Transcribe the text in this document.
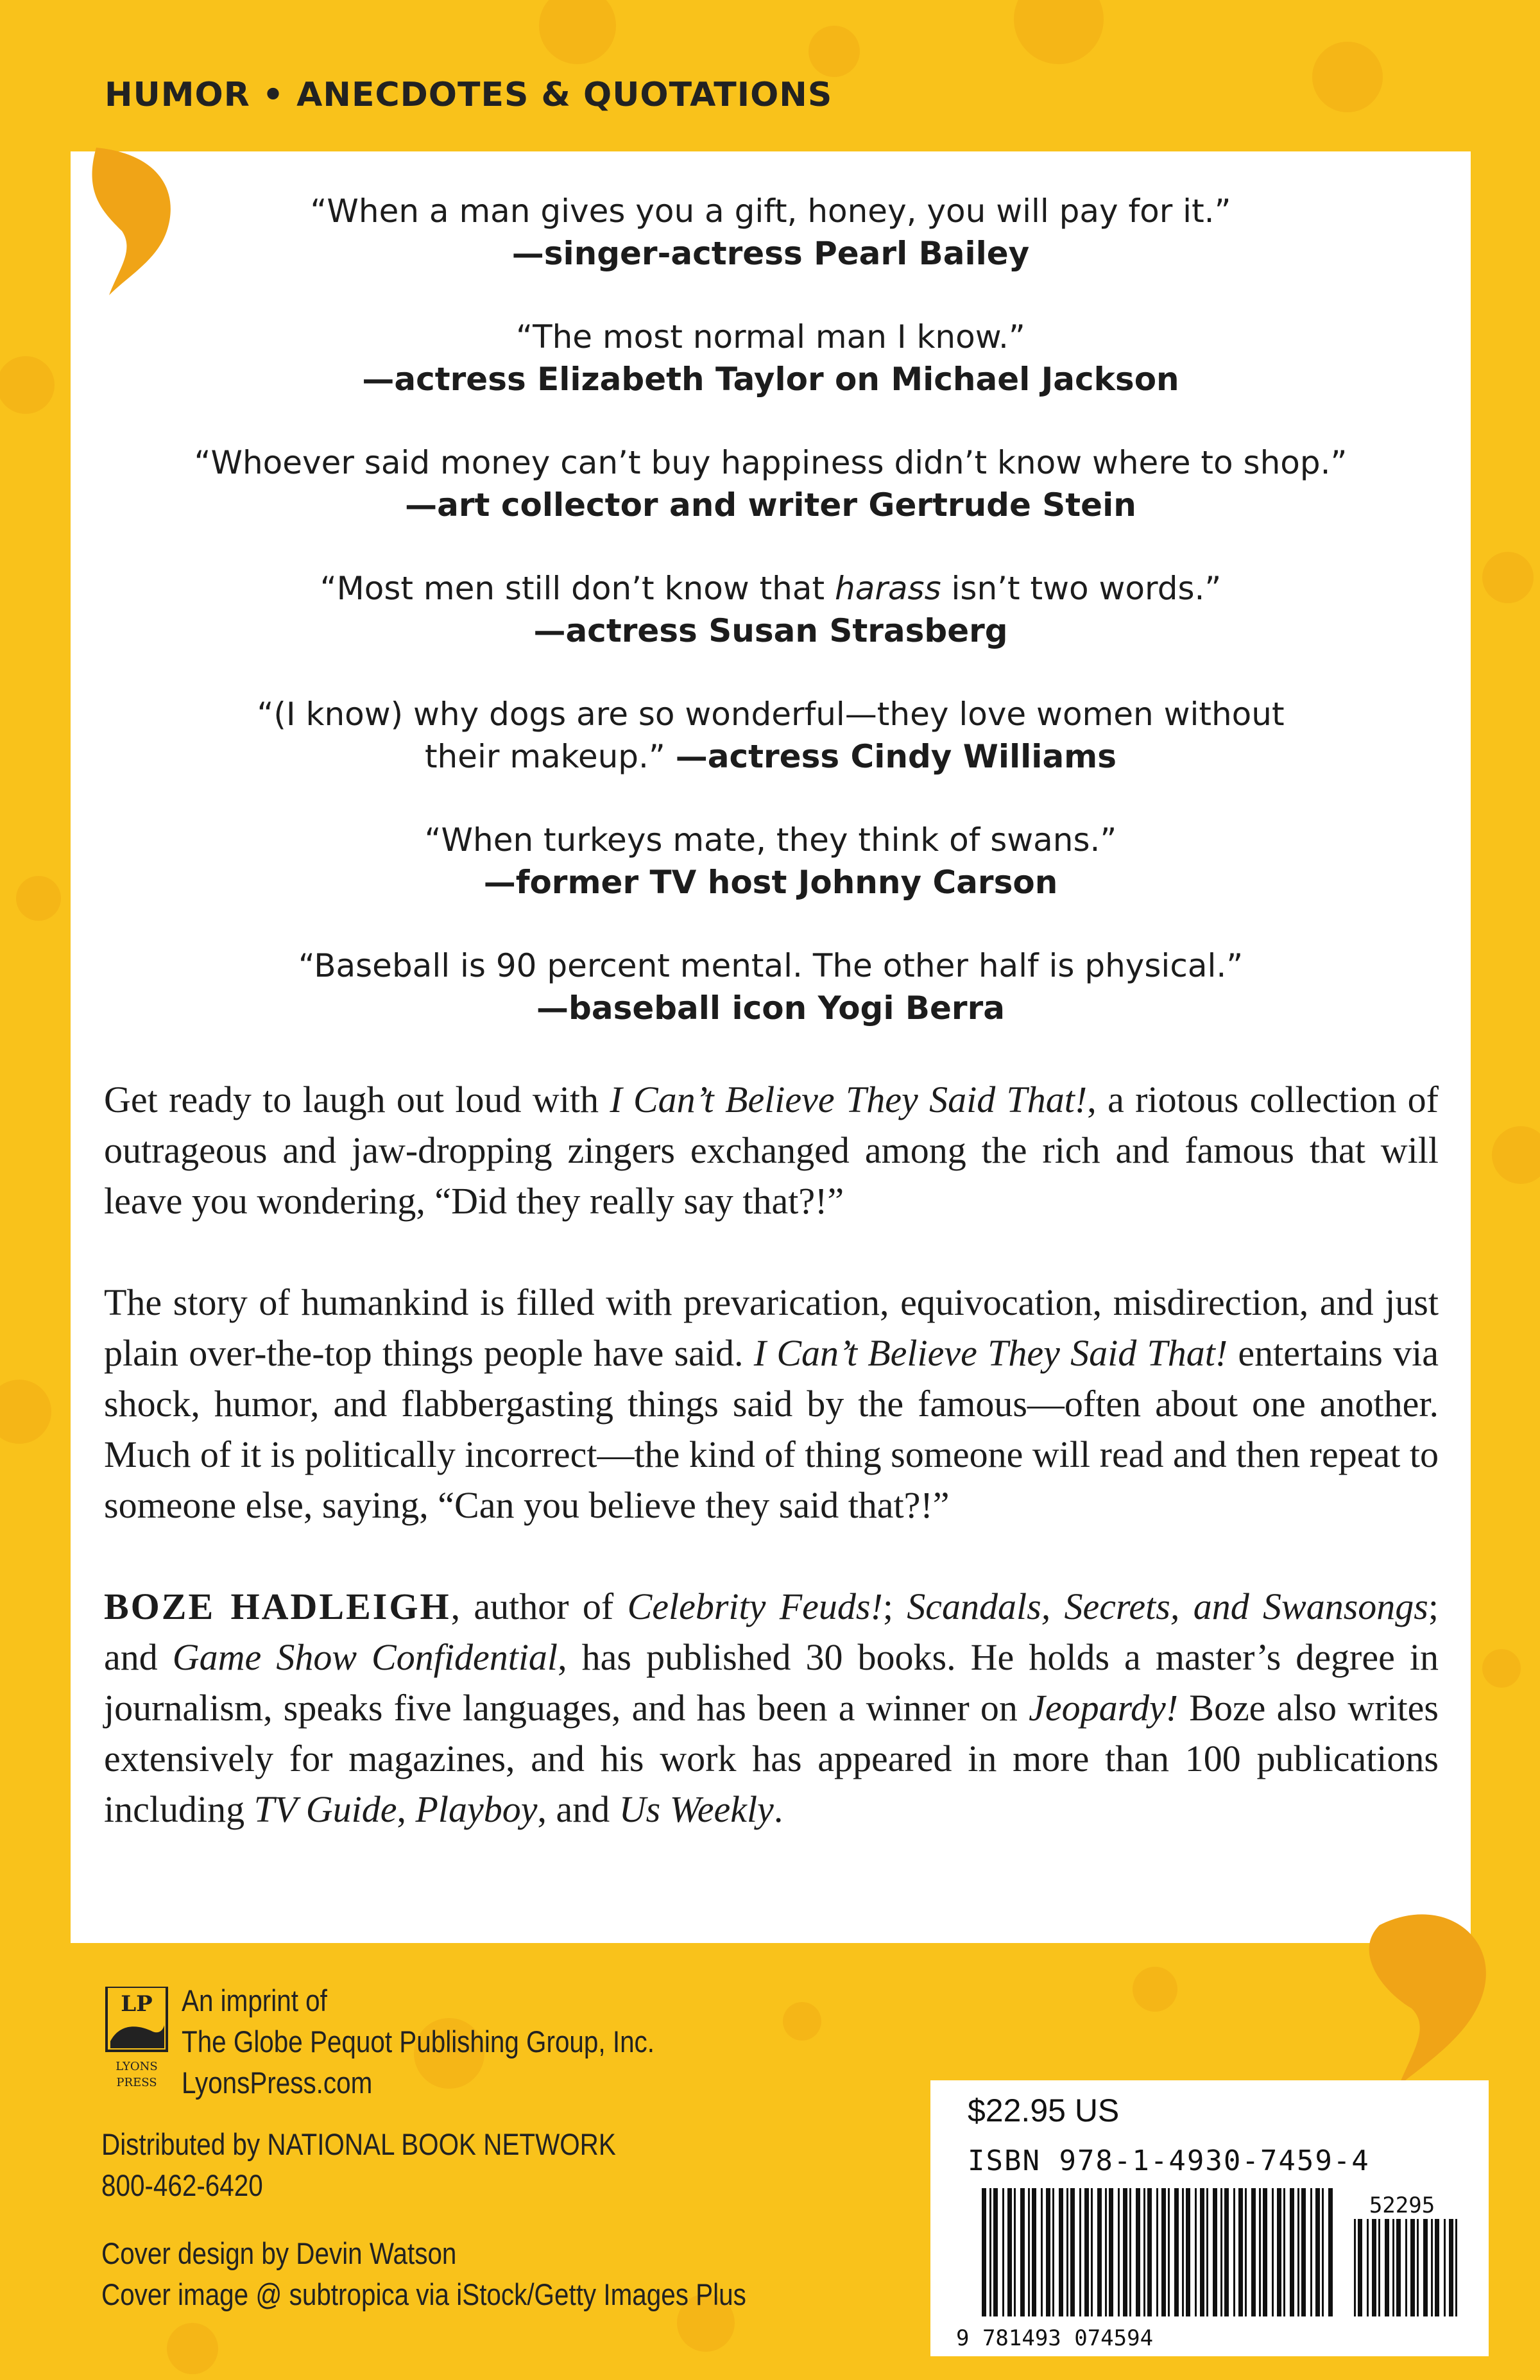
HUMOR • ANECDOTES & QUOTATIONS
“When a man gives you a gift, honey, you will pay for it.”
—singer-actress Pearl Bailey
“The most normal man I know.”
—actress Elizabeth Taylor on Michael Jackson
“Whoever said money can’t buy happiness didn’t know where to shop.”
—art collector and writer Gertrude Stein
“Most men still don’t know that harass isn’t two words.”
—actress Susan Strasberg
“(I know) why dogs are so wonderful—they love women without
their makeup.” —actress Cindy Williams
“When turkeys mate, they think of swans.”
—former TV host Johnny Carson
“Baseball is 90 percent mental. The other half is physical.”
—baseball icon Yogi Berra

Get ready to laugh out loud with I Can’t Believe They Said That!, a riotous collection of outrageous and jaw-dropping zingers exchanged among the rich and famous that will leave you wondering, “Did they really say that?!”

The story of humankind is filled with prevarication, equivocation, misdirection, and just plain over-the-top things people have said. I Can’t Believe They Said That! entertains via shock, humor, and flabbergasting things said by the famous—often about one another. Much of it is politically incorrect—the kind of thing someone will read and then repeat to someone else, saying, “Can you believe they said that?!”

BOZE HADLEIGH, author of Celebrity Feuds!; Scandals, Secrets, and Swansongs; and Game Show Confidential, has published 30 books. He holds a master’s degree in journalism, speaks five languages, and has been a winner on Jeopardy! Boze also writes extensively for magazines, and his work has appeared in more than 100 publications including TV Guide, Playboy, and Us Weekly.

LP
LYONS
PRESS
An imprint of
The Globe Pequot Publishing Group, Inc.
LyonsPress.com
Distributed by NATIONAL BOOK NETWORK
800-462-6420
Cover design by Devin Watson
Cover image @ subtropica via iStock/Getty Images Plus
$22.95 US
ISBN 978-1-4930-7459-4
9 781493 074594
52295
